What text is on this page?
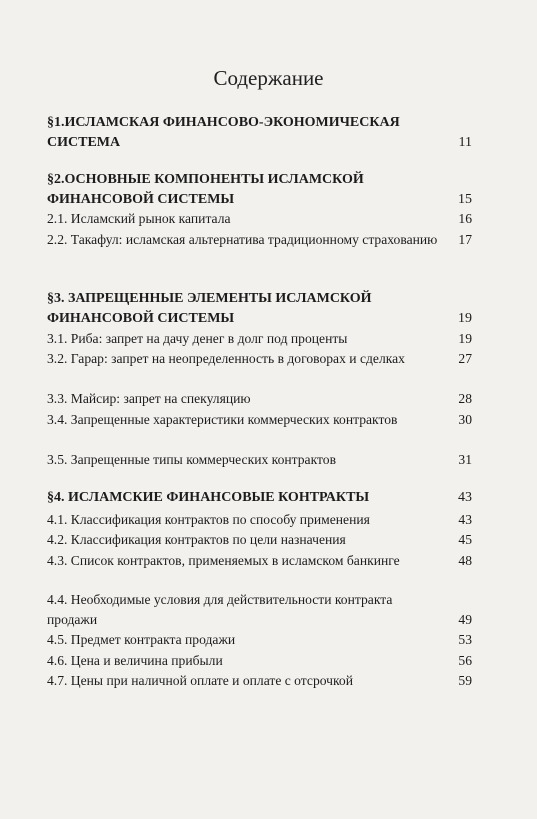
Содержание
§1.ИСЛАМСКАЯ ФИНАНСОВО-ЭКОНОМИЧЕСКАЯ СИСТЕМА	11
§2.ОСНОВНЫЕ КОМПОНЕНТЫ ИСЛАМСКОЙ ФИНАНСОВОЙ СИСТЕМЫ	15
2.1. Исламский рынок капитала	16
2.2. Такафул: исламская альтернатива традиционному страхованию	17
§3. ЗАПРЕЩЕННЫЕ ЭЛЕМЕНТЫ ИСЛАМСКОЙ ФИНАНСОВОЙ СИСТЕМЫ	19
3.1. Риба: запрет на дачу денег в долг под проценты	19
3.2. Гарар: запрет на неопределенность в договорах и сделках	27
3.3. Майсир: запрет на спекуляцию	28
3.4. Запрещенные характеристики коммерческих контрактов	30
3.5. Запрещенные типы коммерческих контрактов	31
§4. ИСЛАМСКИЕ ФИНАНСОВЫЕ КОНТРАКТЫ	43
4.1. Классификация контрактов по способу применения	43
4.2. Классификация контрактов по цели назначения	45
4.3. Список контрактов, применяемых в исламском банкинге	48
4.4. Необходимые условия для действительности контракта продажи	49
4.5. Предмет контракта продажи	53
4.6. Цена и величина прибыли	56
4.7. Цены при наличной оплате и оплате с отсрочкой	59
